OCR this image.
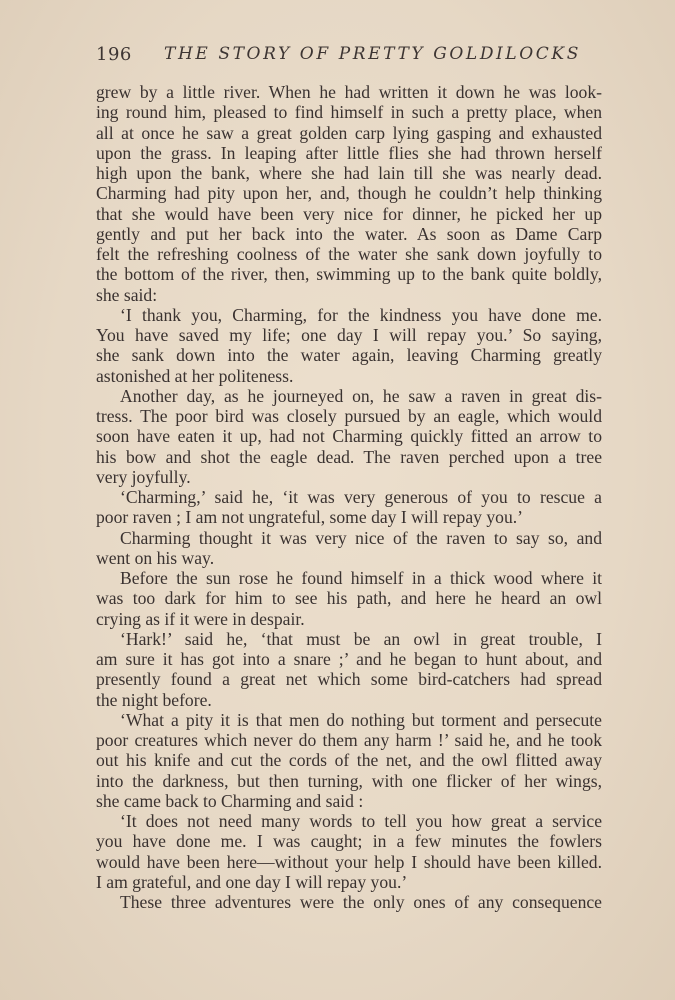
196 THE STORY OF PRETTY GOLDILOCKS

grew by a little river. When he had written it down he was look-

ing round him, pleased to find himself in such a pretty place, when

all at once he saw a great golden carp lying gasping and exhausted

upon the grass. In leaping after little flies she had thrown herself

high upon the bank, where she had lain till she was nearly dead.

Charming had pity upon her, and, though he couldn’t help thinking

that she would have been very nice for dinner, he picked her up

gently and put her back into the water. As soon as Dame Carp

felt the refreshing coolness of the water she sank down joyfully to

the bottom of the river, then, swimming up to the bank quite boldly,

she said:

‘I thank you, Charming, for the kindness you have done me.

You have saved my life; one day I will repay you.’ So saying,

she sank down into the water again, leaving Charming greatly

astonished at her politeness.

Another day, as he journeyed on, he saw a raven in great dis-

tress. The poor bird was closely pursued by an eagle, which would

soon have eaten it up, had not Charming quickly fitted an arrow to

his bow and shot the eagle dead. The raven perched upon a tree

very joyfully.

‘Charming,’ said he, ‘it was very generous of you to rescue a

poor raven ; I am not ungrateful, some day I will repay you.’

Charming thought it was very nice of the raven to say so, and

went on his way.

Before the sun rose he found himself in a thick wood where it

was too dark for him to see his path, and here he heard an owl

crying as if it were in despair.

‘Hark!’ said he, ‘that must be an owl in great trouble, I

am sure it has got into a snare ;’ and he began to hunt about, and

presently found a great net which some bird-catchers had spread

the night before.

‘What a pity it is that men do nothing but torment and persecute

poor creatures which never do them any harm !’ said he, and he took

out his knife and cut the cords of the net, and the owl flitted away

into the darkness, but then turning, with one flicker of her wings,

she came back to Charming and said :

‘It does not need many words to tell you how great a service

you have done me. I was caught; in a few minutes the fowlers

would have been here—without your help I should have been killed.

I am grateful, and one day I will repay you.’

These three adventures were the only ones of any consequence
